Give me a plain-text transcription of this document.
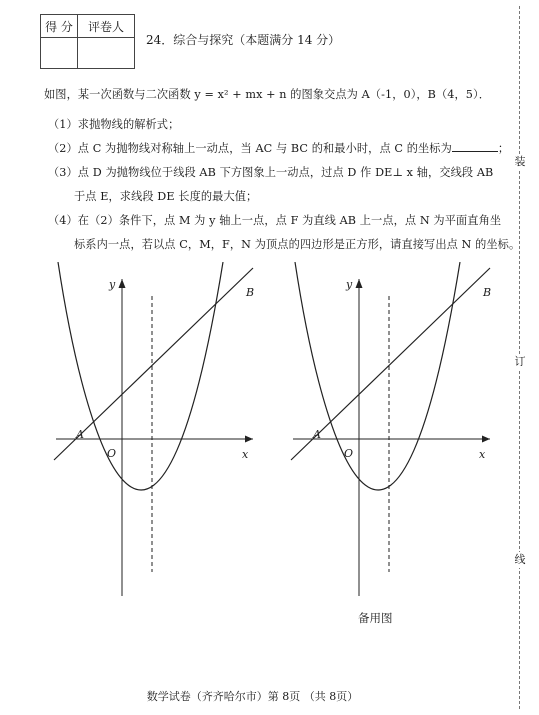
得 分	评卷人

24．综合与探究（本题满分 14 分）
如图，某一次函数与二次函数 y = x² + mx + n 的图象交点为 A（-1，0），B（4，5）．
（1）求抛物线的解析式；
（2）点 C 为抛物线对称轴上一动点，当 AC 与 BC 的和最小时，点 C 的坐标为	；
（3）点 D 为抛物线位于线段 AB 下方图象上一动点，过点 D 作 DE⊥ x 轴，交线段 AB
于点 E，求线段 DE 长度的最大值；
（4）在（2）条件下，点 M 为 y 轴上一点，点 F 为直线 AB 上一点，点 N 为平面直角坐
标系内一点，若以点 C，M，F，N 为顶点的四边形是正方形，请直接写出点 N 的坐标。
y
x
O
A
B
y
x
O
A
B
备用图
装
订
线
数学试卷（齐齐哈尔市）第 8页 （共 8页）
